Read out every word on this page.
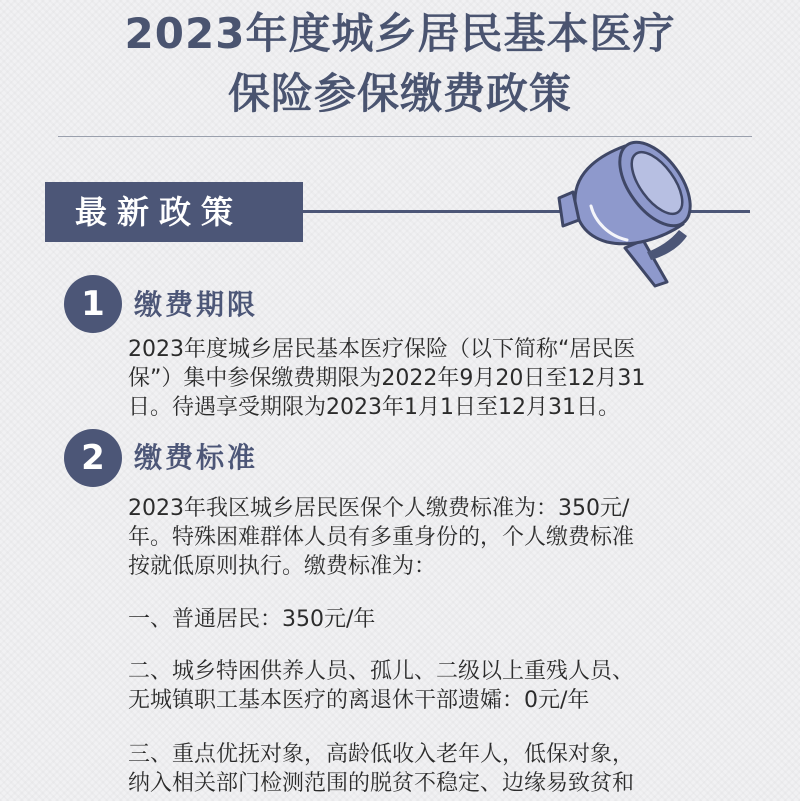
2023年度城乡居民基本医疗
保险参保缴费政策
最新政策
1	缴费期限
2023年度城乡居民基本医疗保险（以下简称“居民医
保”）集中参保缴费期限为2022年9月20日至12月31
日。待遇享受期限为2023年1月1日至12月31日。
2	缴费标准
2023年我区城乡居民医保个人缴费标准为：350元/
年。特殊困难群体人员有多重身份的，个人缴费标准
按就低原则执行。缴费标准为：
一、普通居民：350元/年
二、城乡特困供养人员、孤儿、二级以上重残人员、
无城镇职工基本医疗的离退休干部遗孀：0元/年
三、重点优抚对象，高龄低收入老年人，低保对象，
纳入相关部门检测范围的脱贫不稳定、边缘易致贫和
